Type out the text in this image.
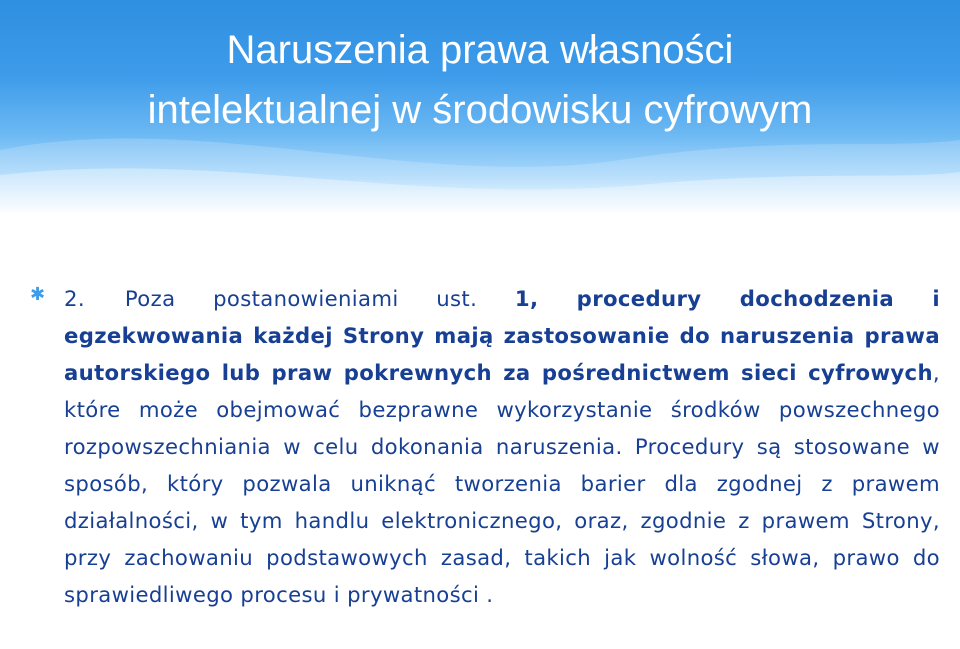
Naruszenia prawa własności
intelektualnej w środowisku cyfrowym
✱ 2. Poza postanowieniami ust. 1, procedury dochodzenia i egzekwowania każdej Strony mają zastosowanie do naruszenia prawa autorskiego lub praw pokrewnych za pośrednictwem sieci cyfrowych, które może obejmować bezprawne wykorzystanie środków powszechnego rozpowszechniania w celu dokonania naruszenia. Procedury są stosowane w sposób, który pozwala uniknąć tworzenia barier dla zgodnej z prawem działalności, w tym handlu elektronicznego, oraz, zgodnie z prawem Strony, przy zachowaniu podstawowych zasad, takich jak wolność słowa, prawo do sprawiedliwego procesu i prywatności .
